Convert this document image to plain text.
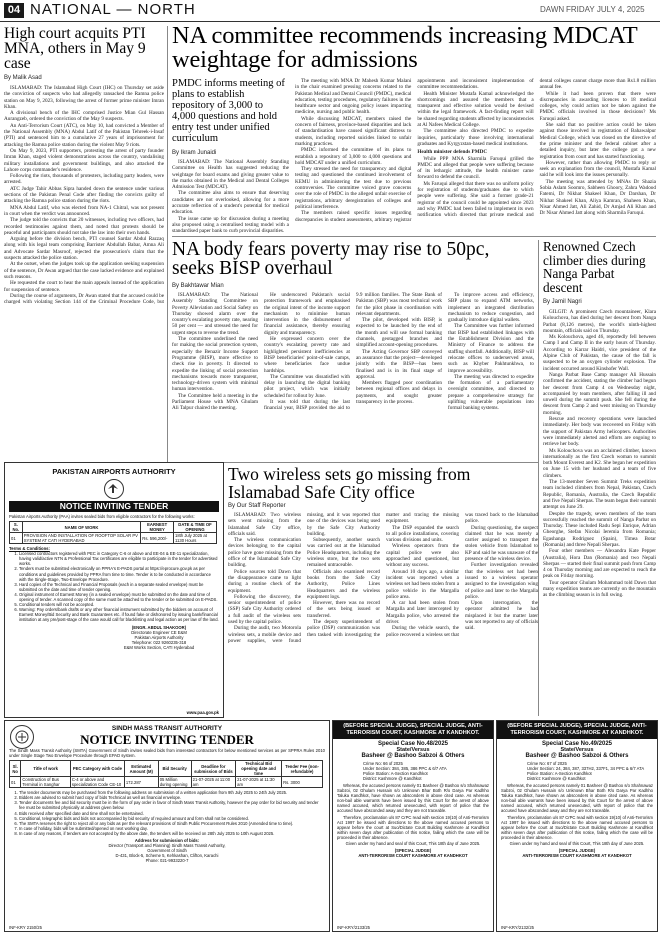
04 NATIONAL — NORTH	DAWN FRIDAY JULY 4, 2025
High court acquits PTI MNA, others in May 9 case
By Malik Asad

ISLAMABAD: The Islamabad High Court (IHC) on Thursday set aside the conviction of suspects who had allegedly ransacked the Ramna police station on May 9, 2023, following the arrest of former prime minister Imran Khan.

A divisional bench of the IHC comprised Justice Mian Gul Hassan Aurangzeb, ordered the conviction of the May 9 suspects.

An Anti-Terrorism Court (ATC), on May 10, had convicted a Member of the National Assembly (MNA) Abdul Latif of the Pakistan Tehreek-i-Insaf (PTI) and sentenced him to a cumulative 27 years of imprisonment for attacking the Ramna police station during the violent May 9 riots.

On May 9, 2023, PTI supporters, protesting the arrest of party founder Imran Khan, staged violent demonstrations across the country, vandalising military installations and government buildings, and also attacked the Lahore corps commander's residence.

Following the riots, thousands of protesters, including party leaders, were arrested.

ATC Judge Tahir Abbas Sipra handed down the sentence under various sections of the Pakistan Penal Code after finding the convicts guilty of attacking the Ramna police station during the riots.

MNA Abdul Latif, who was elected from NA-1 Chitral, was not present in court when the verdict was announced.

The judge told the convicts that 20 witnesses, including two officers, had recorded testimonies against them, and noted that protests should be peaceful and participants should not take the law into their own hands.

Arguing before the division bench, PTI counsel Sardar Abdul Razzaq along with his legal team comprising Barrister Abdullah Babar, Amna Ali and Advocate Sardar Masroof, rejected the prosecution's claim that the suspects attacked the police station.

At the outset, when the judges took up the application seeking suspension of the sentence, Dr Awan argued that the case lacked evidence and explained such reasons.

He requested the court to hear the main appeals instead of the application for suspension of sentence.

During the course of arguments, Dr Awan stated that the accused could be charged with violating Section 144 of the Criminal Procedure Code, but

NA committee recommends increasing MDCAT weightage for admissions
PMDC informs meeting of plans to establish repository of 3,000 to 4,000 questions and hold entry test under unified curriculum
By Ikram Junaidi

ISLAMABAD: The National Assembly Standing Committee on Health has suggested reducing the weightage for board exams and giving greater value to the marks obtained in the Medical and Dental Colleges Admission Test (MDCAT).

The committee also aims to ensure that deserving candidates are not overlooked, allowing for a more accurate reflection of a student's potential for medical education.

The issue came up for discussion during a meeting also proposed using a centralised testing model with a standardised paper bank to curb provincial disparities.

The meeting with MNA Dr Mahesh Kumar Malani in the chair examined pressing concerns related to the Pakistan Medical and Dental Council (PMDC), medical education, testing procedures, regulatory failures in the healthcare sector and ongoing policy issues impacting medicine, nursing and public health.

While discussing MDCAT, members raised the concern of fairness, province-based disparities and lack of standardisation have caused significant distress to students, including reported suicides linked to unfair marking practices.

PMDC informed the committee of its plans to establish a repository of 3,000 to 4,000 questions and hold MDCAT under a unified curriculum.

They stressed the need for transparency and digital testing and questioned the continued involvement of KEMU in administering the test due to previous controversies. The committee voiced grave concerns over the role of PMDC in the alleged unfair exercise of registrations, arbitrary deregistration of colleges and political interference.

The members raised specific issues regarding discrepancies in student assessments, arbitrary registrar appointments and inconsistent implementation of committee recommendations.

Health Minister Mustafa Kamal acknowledged the shortcomings and assured the members that a transparent and effective solution would be devised within the legal framework. A fact-finding report will be shared regarding students affected by inconsistencies at Al Nafees Medical College.

The committee also directed PMDC to expedite inquiries, particularly those involving international graduates and Kyrgyzstan-based medical institutions.

Health minister defends PMDC

While PPP MNA Sharmila Faruqui grilled the PMDC and alleged that people were suffering because of its lethargic attitude, the health minister came forward to defend the council.

Ms Faruqui alleged that there was no uniform policy for registration of students/graduates due to which people were suffering. She said a former grade-21 registrar of the council could be appointed since 2023 and why PMDC had been failed to implement its own notification which directed that private medical and dental colleges cannot charge more than Rs1.8 million annual fee.

While it had been proven that there were discrepancies in awarding licences to 18 medical colleges, why could action not be taken against the PMDC officials involved in those decisions? Ms Faruqui asked.

She said that no positive action could be taken against those involved in registration of Bahawalpur Medical College, which was closed on the directive of the prime minister and the federal cabinet after a detailed inquiry, but later the college got a new registration from court and has started functioning.

However, rather than allowing PMDC to reply or seek an explanation from the council, Mustafa Kamal said he will look into the issues personally.

The meeting was attended by MNAs Dr Shazia Sobia Aslam Soomro, Sabheen Ghoory, Zahra Wadood Fatemi, Dr Nikhat Shakeel Khan, Dr Darshan, Dr Nikhat Shakeel Khan, Aliya Kamran, Shaheen Khan, Nisar Ahmed Jatt, Ali Zahid, Dr Amjad Ali Khan and Dr Nisar Ahmed Jatt along with Sharmila Faruqui.

NA body fears poverty may rise to 50pc, seeks BISP overhaul
By Bakhtawar Mian

ISLAMABAD: The National Assembly Standing Committee on Poverty Alleviation and Social Safety on Thursday showed alarm over the country's escalating poverty rate, nearing 50 per cent — and stressed the need for urgent steps to reverse the trend.

The committee underlined the need for making the social protection system, especially the Benazir Income Support Programme (BISP), more effective to check rise in poverty. It directed to expedite the linking of social protection mechanisms towards more transparent, technology-driven system with minimal human intervention.

The Committee held a meeting in the Parliament House with MNA Ghulam Ali Talpur chaired the meeting.

He underscored Pakistan's social protection framework and emphasised the original intent of the income support mechanism to minimise human intervention in the disbursement of financial assistance, thereby ensuring dignity and transparency.

He expressed concern over the country's escalating poverty rate and highlighted persistent inefficiencies at BISP beneficiaries' point-of-sale camps, where beneficiaries face undue hardships.

The Committee was dissatisfied with delay in launching the digital banking pilot project, which was initially scheduled for rollout by June.

It was told that during the last financial year, BISP provided the aid to 9.9 million families. The State Bank of Pakistan (SBP) was most technical work for the pilot phase in coordination with relevant departments.

The pilot, developed with BISP, is expected to be launched by the end of the month and will use formal banking channels, geotagged branches and simplified account-opening procedures.

The Acting Governor SBP conveyed an assurance that the project—developed jointly with the BISP—has been finalised and is in its final stage of approval.

Members flagged poor coordination between regional offices and delays in payments, and sought greater transparency in the process.

To improve access and efficiency, SBP plans to expand ATM networks, implement an integrated distribution mechanism to reduce congestion, and gradually introduce digital wallets.

The Committee was further informed that BISP had established linkages with the Establishment Division and the Ministry of Finance to address the staffing shortfall. Additionally, BISP will relocate offices to underserved areas, such as Khyber Pakhtunkhwa, to improve accessibility.

The meeting was directed to expedite the formation of a parliamentary oversight committee, and directed to prepare a comprehensive strategy for uplifting vulnerable populations into formal banking systems.

Renowned Czech climber dies during Nanga Parbat descent
By Jamil Nagri

GILGIT: A prominent Czech mountaineer, Klara Kolouchova, has died during her descent from Nanga Parbat (8,126 metres), the world's ninth-highest mountain, officials said on Thursday.

Ms Kolouchova, aged 46, reportedly fell between Camp I and Camp II in the early hours of Thursday. According to Karrar Haidri, vice president of the Alpine Club of Pakistan, the cause of the fall is suspected to be an oxygen cylinder explosion. The incident occurred around Kinshofer Wall.

Nanga Parbat Base Camp manager Ali Hussain confirmed the accident, stating the climber had begun her descent from Camp 4 on Wednesday night, accompanied by team members, after falling ill and unwell during the summit push. She fell during the descent from Camp 2 and went missing on Thursday morning.

Rescue and recovery operations were launched immediately. Her body was recovered on Friday with the support of Pakistan Army helicopters. Authorities were immediately alerted and efforts are ongoing to retrieve her body.

Ms Kolouchova was an acclaimed climber, known internationally as the first Czech woman to summit both Mount Everest and K2. She began her expedition on June 15 with her husband and a team of five climbers.

The 13-member Seven Summit Treks expedition team included climbers from Nepal, Pakistan, Czech Republic, Romania, Australia, the Czech Republic and five Nepali Sherpas. The team began their summit attempt on June 29.

Despite the tragedy, seven members of the team successfully reached the summit of Nanga Parbat on Thursday. These included Radu Sepi Enrique, Adrian Gheorghe, Stefan Nicolai Ieremia from Romania; Egashanga Rodriguez (Spain), Timea Botar (Romania) and three Nepali Sherpas.

Four other members — Alexandra Kate Pepper (Australia), Hora Dan (Romania) and two Nepali Sherpas — started their final summit push from Camp 4 on Thursday morning and are expected to reach the peak on Friday morning.

Tour operator Ghulam Mohammad told Dawn that many expedition teams are currently on the mountain as the climbing season is in full swing.

Two wireless sets go missing from Islamabad Safe City office
By Our Staff Reporter

ISLAMABAD: Two wireless sets went missing from the Islamabad Safe City office, officials said.

The wireless communication devices belonging to the capital police have gone missing from the office of the Islamabad Safe City building.

Police sources told Dawn that the disappearance came to light during a routine check of the equipment.

Following the discovery, the senior superintendent of police (SSP) Safe City Authority ordered a full audit of the wireless sets used by the capital police.

During the audit, two Motorola wireless sets, a mobile device and power supplies, were found missing, and it was reported that one of the devices was being used by the Safe City Authority building.

Subsequently, another search was carried out at the Islamabad Police Headquarters, including the wireless store, but the two sets remained untraceable.

Officials also examined record books from the Safe City Authority, Police Lines Headquarters and the wireless equipment logs.

However, there was no record of the sets being issued or transferred.

The deputy superintendent of police (DSP) communication was then tasked with investigating the matter and tracing the missing equipment.

The DSP expanded the search to all police installations, covering various divisions and units.

Wireless operators from the capital police were also approached and questioned, but without any success.

Around 10 days ago, a similar incident was reported when a wireless set had been stolen from a police vehicle in the Margalla police area.

A car had been stolen from Margalla and later intercepted by Margalla police, who arrested the driver.

During the vehicle search, the police recovered a wireless set that was traced back to the Islamabad police.

During questioning, the suspect claimed that he was merely a carrier assigned to transport the stolen vehicle from Islamabad to KP and said he was unaware of the presence of the wireless device.

Further investigation revealed that the wireless set had been issued to a wireless operator assigned to the investigation wing of police and later to the Margalla police.

Upon interrogation, the operator admitted he had misplaced it but the matter later was not reported to any of officials said.

PAKISTAN AIRPORTS AUTHORITY
NOTICE INVITING TENDER
Pakistan Airports Authority (PAA) invites sealed bids from eligible contractors for the following works:
S. No.	NAME OF WORK	EARNEST MONEY	DATE & TIME OF OPENING
01	PROVISION AND INSTALLATION OF ROOFTOP SOLAR PV SYSTEM AT CATI HYDERABAD	Rs. 596,200/-	18th July 2025 at 1130 Hours
Terms & Conditions:
1. Licensed contractors registered with PEC in Category C-6 or above and EE-04 & EE-11 specialization, having valid/active NTN & Professional Tax certificates are eligible to participate in the tender for advertised works.
2. Tenders must be submitted electronically on PPRA's E-PADS portal at https://eprocure.gov.pk as per conditions and guidelines provided by PPRA from time to time. Tender is to be conducted in accordance with the Single-Stage, Two-Envelope Procedure.
3. Hard copies of the Technical and Financial Proposals (each in a separate sealed envelope) must be submitted on the date and time of tender opening.
4. Original instrument of Earnest Money (in a sealed envelope) must be submitted on the date and time of opening of tender. A scanned copy of the same must be attached to the tender or be submitted on E-PADS.
5. Conditional tenders will not be accepted.
6. Warning: Pay orders/bank drafts or any other financial instrument submitted by the bidders on account of Earnest Money/Bid Security and Bank Guarantees etc. if found fake or dishonored by issuing bank/financial institution at any pre/post-stage of the case would call for blacklisting and legal action as per law of the land.
(ENGR. ABDUL SHAKOOR)
Directorate Engineer CE E&M
Pakistan Airports Authority
Telephone: 022 9260235-318
E&M Works Section, CATI Hyderabad
www.paa.gov.pk
SINDH MASS TRANSIT AUTHORITY
NOTICE INVITING TENDER
The Sindh Mass Transit Authority (SMTA) Government of Sindh invites sealed bids from interested contractors for below mentioned services as per SPPRA Rules 2010 under Single Stage Two Envelope Procedure through EPAD system.
Sl. No	Title of work	PEC Category with Code	Estimated Amount (M)	Bid Security	Deadline for submission of Bids	Technical Bid opening date and time	Tender Fee (non-refundable)
01	Construction of Bus Terminal in Sanghar	C-4 or above and specialization Code CE-10	172.287	05 Million during opening	21-07-2025 at 11:00 am	21-07-2025 at 11:30 am	Rs. 3000
1. The tender documents may be purchased from the following address on submission of a written application from 9th July 2025 to 24th July 2025.
2. Bidders are advised to submit hard copy of bids Technical as well as financial envelope.
3. Tender documents fee and bid security must be in the form of pay order in favor of Sindh Mass Transit Authority, however the pay order for bid security and tender fee must be submitted physically at address given below.
4. Bids received after specified date and time shall not be entertained.
5. Conditional, telegraphic bids and bids not accompanied by bid security of required amount and form shall not be considered.
6. The SMTA reserves the right to reject all or any bids as per the relevant provisions of Sindh Public Procurement Rules 2010 (Amended time to time).
7. In case of holiday, bids will be submitted/opened on next working day.
8. In case of any reasons, if tenders are not accepted by the above date, the tenders will be received on 28th July 2025 to 10th August 2025.
Address for submission of bids:
Director (Transport and Planning) Sindh Mass Transit Authority,
Government of Sindh
D-431, Block-5, Scheme 5, Kehkashan, Clifton, Karachi
Phone: 021-9933220-7
INF-KRY 2150/25
(BEFORE SPECIAL JUDGE), SPECIAL JUDGE, ANTI-TERRORISM COURT, KASHMORE AT KANDHKOT.
Special Case No.48/2025
State/Versus
Basheer @ Bashoo Sabzoi & Others
Crime No: 66 of 2025
Under Section: 384, 385, 386 PPC & 6/7 ATA
Police Station: A-Section Kandhkot
District: Kashmore @ Kandhkot

Whereas, the accused persons namely 01 Basheer @ Bashoo s/o Shahnawaz Sabzoi, 02 Ghulam Hussain s/o Unknown Bhar Both R/o Darya Par Kadhho Taluka Kandhkot, have shown as absconders in above cited case. As whereas non-bail able warrants have been issued by this Court for the arrest of above named accused, which returned unexecuted, with report of police that the accused have absconded away and they are not traceable.

Therefore, proclamation u/s 87 CrPC read with section 19(10) of Anti-Terrorism Act 1997 be issued with directions to the above named accused persons to appear before the court at Suo/Dictate Court Building Kashmore at Kandhkot within seven days after publication of this notice, failing which the case will be proceeded in their absence.

Given under my hand and seal of this Court, This 18th day of June 2025.

(SPECIAL JUDGE)
ANTI-TERRORISM COURT KASHMORE AT KANDHKOT
INF-KRY/2133/25
(BEFORE SPECIAL JUDGE), SPECIAL JUDGE, ANTI-TERRORISM COURT, KASHMORE AT KANDHKOT.
Special Case No.49/2025
State/Versus
Basheer @ Bashoo Sabzoi & Others
Crime No: 67 of 2025
Under Section: 24, 384, 387, 337H2, 337F1, 34 PPC & 6/7 ATA
Police Station: A-Section Kandhkot
District: Kashmore @ Kandhkot

Whereas, the accused persons namely 01 Basheer @ Bashoo s/o Shahnawaz Sabzoi, 02 Ghulam Hussain s/o Unknown Bhar Both R/o Darya Par Kadhho Taluka Kandhkot, have shown as absconders in above cited case. As whereas non-bail able warrants have been issued by this Court for the arrest of above named accused, which returned unexecuted, with report of police that the accused have absconded away and they are not traceable.

Therefore, proclamation u/s 87 CrPC read with section 19(10) of Anti-Terrorism Act 1997 be issued with directions to the above named accused persons to appear before the court at Suo/Dictate Court Building Kashmore at Kandhkot within seven days after publication of this notice, failing which the case will be proceeded in their absence.

Given under my hand and seal of this Court, This 18th day of June 2025.

(SPECIAL JUDGE)
ANTI-TERRORISM COURT KASHMORE AT KANDHKOT
INF-KRY/2132/25
